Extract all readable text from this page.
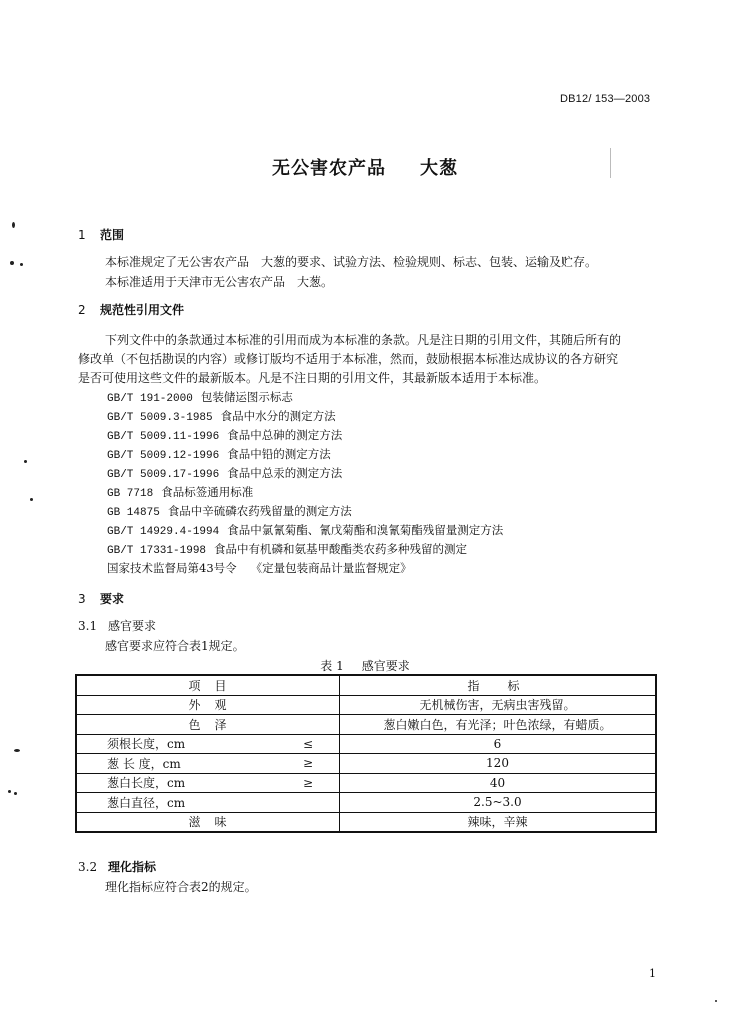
DB12/ 153—2003
无公害农产品 大葱
1 范围
本标准规定了无公害农产品　大葱的要求、试验方法、检验规则、标志、包装、运输及贮存。
本标准适用于天津市无公害农产品　大葱。
2 规范性引用文件
下列文件中的条款通过本标准的引用而成为本标准的条款。凡是注日期的引用文件，其随后所有的
修改单（不包括勘误的内容）或修订版均不适用于本标准，然而，鼓励根据本标准达成协议的各方研究
是否可使用这些文件的最新版本。凡是不注日期的引用文件，其最新版本适用于本标准。
GB/T 191-2000 包装储运图示标志
GB/T 5009.3-1985 食品中水分的测定方法
GB/T 5009.11-1996 食品中总砷的测定方法
GB/T 5009.12-1996 食品中铅的测定方法
GB/T 5009.17-1996 食品中总汞的测定方法
GB 7718 食品标签通用标准
GB 14875 食品中辛硫磷农药残留量的测定方法
GB/T 14929.4-1994 食品中氯氰菊酯、氰戊菊酯和溴氰菊酯残留量测定方法
GB/T 17331-1998 食品中有机磷和氨基甲酸酯类农药多种残留的测定
国家技术监督局第43号令 《定量包装商品计量监督规定》
3 要求
3.1 感官要求
感官要求应符合表1规定。
表 1 感官要求
项　目		指　标
外　观		无机械伤害，无病虫害残留。
色　泽		葱白嫩白色，有光泽；叶色浓绿，有蜡质。
须根长度，cm	≤	6
葱 长 度，cm	≥	120
葱白长度，cm	≥	40
葱白直径，cm		2.5~3.0
滋　味		辣味，辛辣
3.2 理化指标
理化指标应符合表2的规定。
1
